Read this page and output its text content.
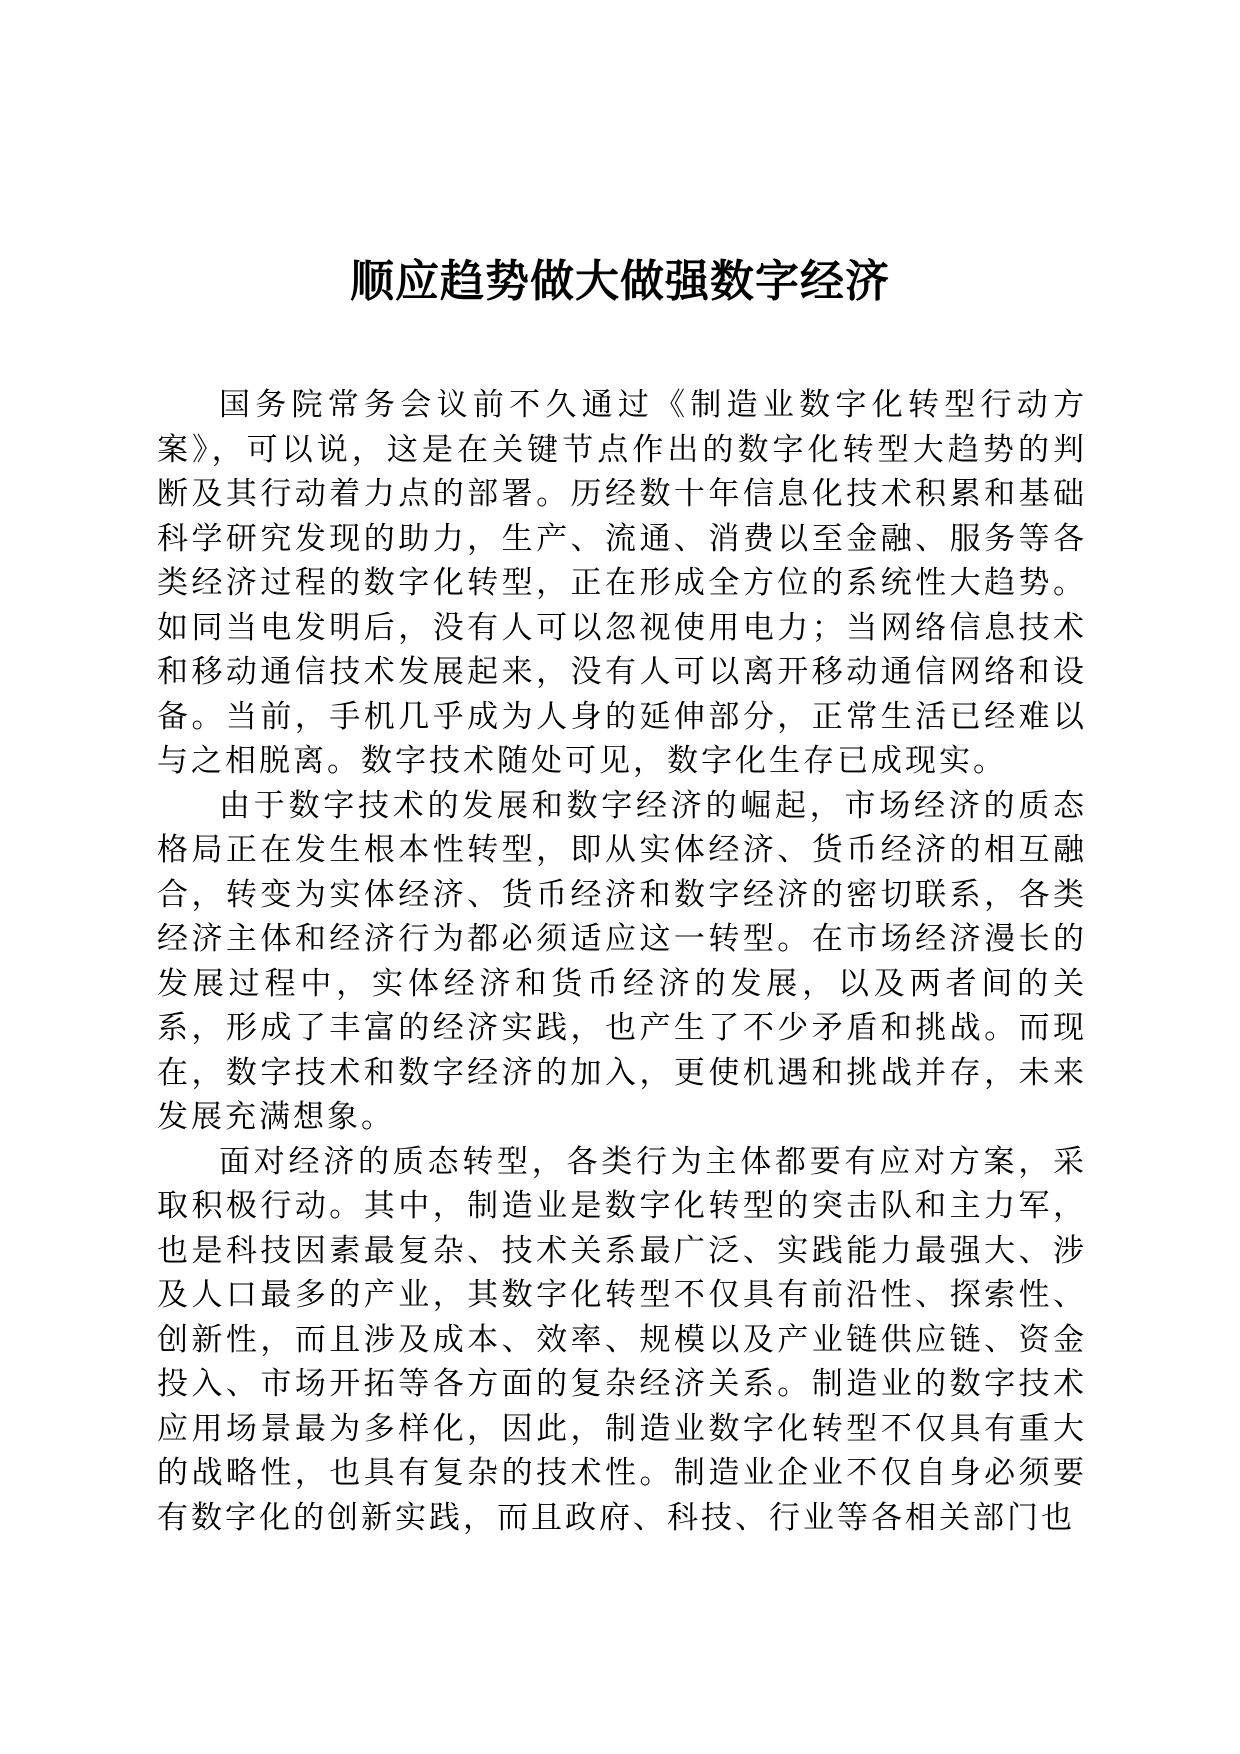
顺应趋势做大做强数字经济

国务院常务会议前不久通过《制造业数字化转型行动方案》，可以说，这是在关键节点作出的数字化转型大趋势的判断及其行动着力点的部署。历经数十年信息化技术积累和基础科学研究发现的助力，生产、流通、消费以至金融、服务等各类经济过程的数字化转型，正在形成全方位的系统性大趋势。如同当电发明后，没有人可以忽视使用电力；当网络信息技术和移动通信技术发展起来，没有人可以离开移动通信网络和设备。当前，手机几乎成为人身的延伸部分，正常生活已经难以与之相脱离。数字技术随处可见，数字化生存已成现实。

由于数字技术的发展和数字经济的崛起，市场经济的质态格局正在发生根本性转型，即从实体经济、货币经济的相互融合，转变为实体经济、货币经济和数字经济的密切联系，各类经济主体和经济行为都必须适应这一转型。在市场经济漫长的发展过程中，实体经济和货币经济的发展，以及两者间的关系，形成了丰富的经济实践，也产生了不少矛盾和挑战。而现在，数字技术和数字经济的加入，更使机遇和挑战并存，未来发展充满想象。

面对经济的质态转型，各类行为主体都要有应对方案，采取积极行动。其中，制造业是数字化转型的突击队和主力军，也是科技因素最复杂、技术关系最广泛、实践能力最强大、涉及人口最多的产业，其数字化转型不仅具有前沿性、探索性、创新性，而且涉及成本、效率、规模以及产业链供应链、资金投入、市场开拓等各方面的复杂经济关系。制造业的数字技术应用场景最为多样化，因此，制造业数字化转型不仅具有重大的战略性，也具有复杂的技术性。制造业企业不仅自身必须要有数字化的创新实践，而且政府、科技、行业等各相关部门也
